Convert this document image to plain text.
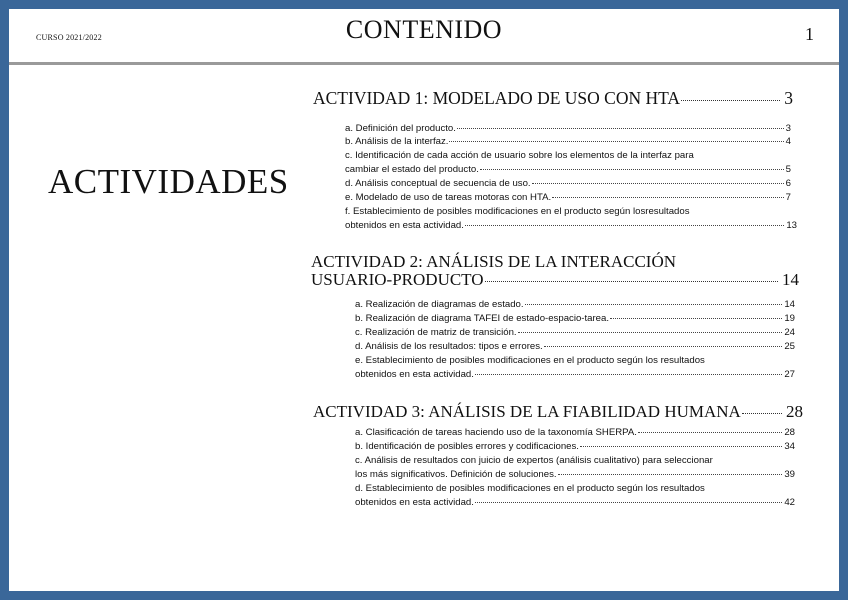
CURSO 2021/2022	CONTENIDO	1
ACTIVIDADES
ACTIVIDAD 1: MODELADO DE USO CON HTA	3
a. Definición del producto.	3
b. Análisis de la interfaz.	4
c. Identificación de cada acción de usuario sobre los elementos de la interfaz para
cambiar el estado del producto.	5
d. Análisis conceptual de secuencia de uso.	6
e. Modelado de uso de tareas motoras con HTA.	7
f. Establecimiento de posibles modificaciones en el producto según losresultados
obtenidos en esta actividad.	13
ACTIVIDAD 2: ANÁLISIS DE LA INTERACCIÓN
USUARIO-PRODUCTO	14
a. Realización de diagramas de estado.	14
b. Realización de diagrama TAFEI de estado-espacio-tarea.	19
c. Realización de matriz de transición.	24
d. Análisis de los resultados: tipos e errores.	25
e. Establecimiento de posibles modificaciones en el producto según los resultados
obtenidos en esta actividad.	27
ACTIVIDAD 3: ANÁLISIS DE LA FIABILIDAD HUMANA	28
a. Clasificación de tareas haciendo uso de la taxonomía SHERPA.	28
b. Identificación de posibles errores y codificaciones.	34
c. Análisis de resultados con juicio de expertos (análisis cualitativo) para seleccionar
los más significativos. Definición de soluciones.	39
d. Establecimiento de posibles modificaciones en el producto según los resultados
obtenidos en esta actividad.	42
